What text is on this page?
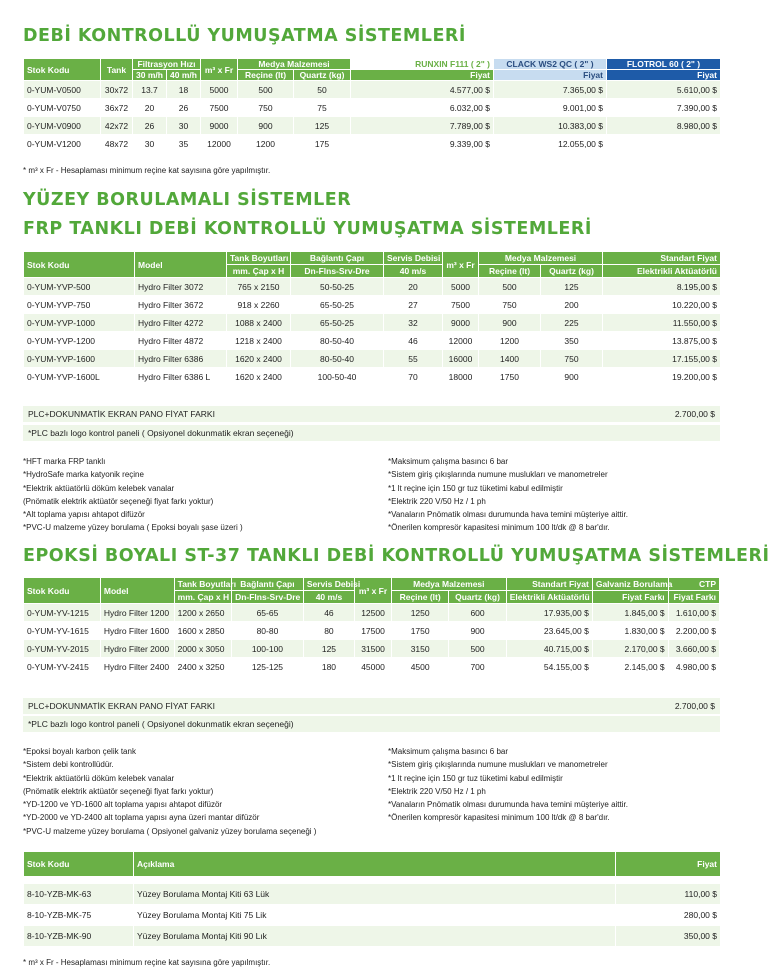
DEBİ KONTROLLÜ YUMUŞATMA SİSTEMLERİ
Stok Kodu	Tank	Filtrasyon Hızı		m³ x Fr	Medya Malzemesi		RUNXIN F111 ( 2" )	CLACK WS2 QC ( 2" )	FLOTROL 60 ( 2" )
		30 m/h	40 m/h		Reçine (lt)	Quartz (kg)	Fiyat	Fiyat	Fiyat
0-YUM-V0500	30x72	13.7	18	5000	500	50	4.577,00 $	7.365,00 $	5.610,00 $
0-YUM-V0750	36x72	20	26	7500	750	75	6.032,00 $	9.001,00 $	7.390,00 $
0-YUM-V0900	42x72	26	30	9000	900	125	7.789,00 $	10.383,00 $	8.980,00 $
0-YUM-V1200	48x72	30	35	12000	1200	175	9.339,00 $	12.055,00 $	
* m³ x Fr - Hesaplaması minimum reçine kat sayısına göre yapılmıştır.
YÜZEY BORULAMALI SİSTEMLER
FRP TANKLI DEBİ KONTROLLÜ YUMUŞATMA SİSTEMLERİ
Stok Kodu	Model	Tank Boyutları	Bağlantı Çapı	Servis Debisi	m³ x Fr	Medya Malzemesi		Standart Fiyat
		mm. Çap x H	Dn-Flns-Srv-Dre	40 m/s		Reçine (lt)	Quartz (kg)	Elektrikli Aktüatörlü
0-YUM-YVP-500	Hydro Filter 3072	765 x 2150	50-50-25	20	5000	500	125	8.195,00 $
0-YUM-YVP-750	Hydro Filter 3672	918 x 2260	65-50-25	27	7500	750	200	10.220,00 $
0-YUM-YVP-1000	Hydro Filter 4272	1088 x 2400	65-50-25	32	9000	900	225	11.550,00 $
0-YUM-YVP-1200	Hydro Filter 4872	1218 x 2400	80-50-40	46	12000	1200	350	13.875,00 $
0-YUM-YVP-1600	Hydro Filter 6386	1620 x 2400	80-50-40	55	16000	1400	750	17.155,00 $
0-YUM-YVP-1600L	Hydro Filter 6386 L	1620 x 2400	100-50-40	70	18000	1750	900	19.200,00 $
PLC+DOKUNMATİK EKRAN PANO FİYAT FARKI	2.700,00 $
*PLC bazlı logo kontrol paneli ( Opsiyonel dokunmatik ekran seçeneği)
*HFT marka FRP tanklı
*HydroSafe marka katyonik reçine
*Elektrik aktüatörlü döküm kelebek vanalar
(Pnömatik elektrik aktüatör seçeneği fiyat farkı yoktur)
*Alt toplama yapısı ahtapot difüzör
*PVC-U malzeme yüzey borulama ( Epoksi boyalı şase üzeri )
*Maksimum çalışma basıncı 6 bar
*Sistem giriş çıkışlarında numune muslukları ve manometreler
*1 lt reçine için 150 gr tuz tüketimi kabul edilmiştir
*Elektrik 220 V/50 Hz / 1 ph
*Vanaların Pnömatik olması durumunda hava temini müşteriye aittir.
*Önerilen kompresör kapasitesi minimum 100 lt/dk @ 8 bar'dır.
EPOKSİ BOYALI ST-37 TANKLI DEBİ KONTROLLÜ YUMUŞATMA SİSTEMLERİ
Stok Kodu	Model	Tank Boyutları	Bağlantı Çapı	Servis Debisi	m³ x Fr	Medya Malzemesi		Standart Fiyat	Galvaniz Borulama	CTP
		mm. Çap x H	Dn-Flns-Srv-Dre	40 m/s		Reçine (lt)	Quartz (kg)	Elektrikli Aktüatörlü	Fiyat Farkı	Fiyat Farkı
0-YUM-YV-1215	Hydro Filter 1200	1200 x 2650	65-65	46	12500	1250	600	17.935,00 $	1.845,00 $	1.610,00 $
0-YUM-YV-1615	Hydro Filter 1600	1600 x 2850	80-80	80	17500	1750	900	23.645,00 $	1.830,00 $	2.200,00 $
0-YUM-YV-2015	Hydro Filter 2000	2000 x 3050	100-100	125	31500	3150	500	40.715,00 $	2.170,00 $	3.660,00 $
0-YUM-YV-2415	Hydro Filter 2400	2400 x 3250	125-125	180	45000	4500	700	54.155,00 $	2.145,00 $	4.980,00 $
PLC+DOKUNMATİK EKRAN PANO FİYAT FARKI	2.700,00 $
*PLC bazlı logo kontrol paneli ( Opsiyonel dokunmatik ekran seçeneği)
*Epoksi boyalı karbon çelik tank
*Sistem debi kontrollüdür.
*Elektrik aktüatörlü döküm kelebek vanalar
(Pnömatik elektrik aktüatör seçeneği fiyat farkı yoktur)
*YD-1200 ve YD-1600 alt toplama yapısı ahtapot difüzör
*YD-2000 ve YD-2400 alt toplama yapısı ayna üzeri mantar difüzör
*PVC-U malzeme yüzey borulama ( Opsiyonel galvaniz yüzey borulama seçeneği )
*Maksimum çalışma basıncı 6 bar
*Sistem giriş çıkışlarında numune muslukları ve manometreler
*1 lt reçine için 150 gr tuz tüketimi kabul edilmiştir
*Elektrik 220 V/50 Hz / 1 ph
*Vanaların Pnömatik olması durumunda hava temini müşteriye aittir.
*Önerilen kompresör kapasitesi minimum 100 lt/dk @ 8 bar'dır.
Stok Kodu	Açıklama	Fiyat

8-10-YZB-MK-63	Yüzey Borulama Montaj Kiti 63 Lük	110,00 $
8-10-YZB-MK-75	Yüzey Borulama Montaj Kiti 75 Lik	280,00 $
8-10-YZB-MK-90	Yüzey Borulama Montaj Kiti 90 Lık	350,00 $
* m³ x Fr - Hesaplaması minimum reçine kat sayısına göre yapılmıştır.
